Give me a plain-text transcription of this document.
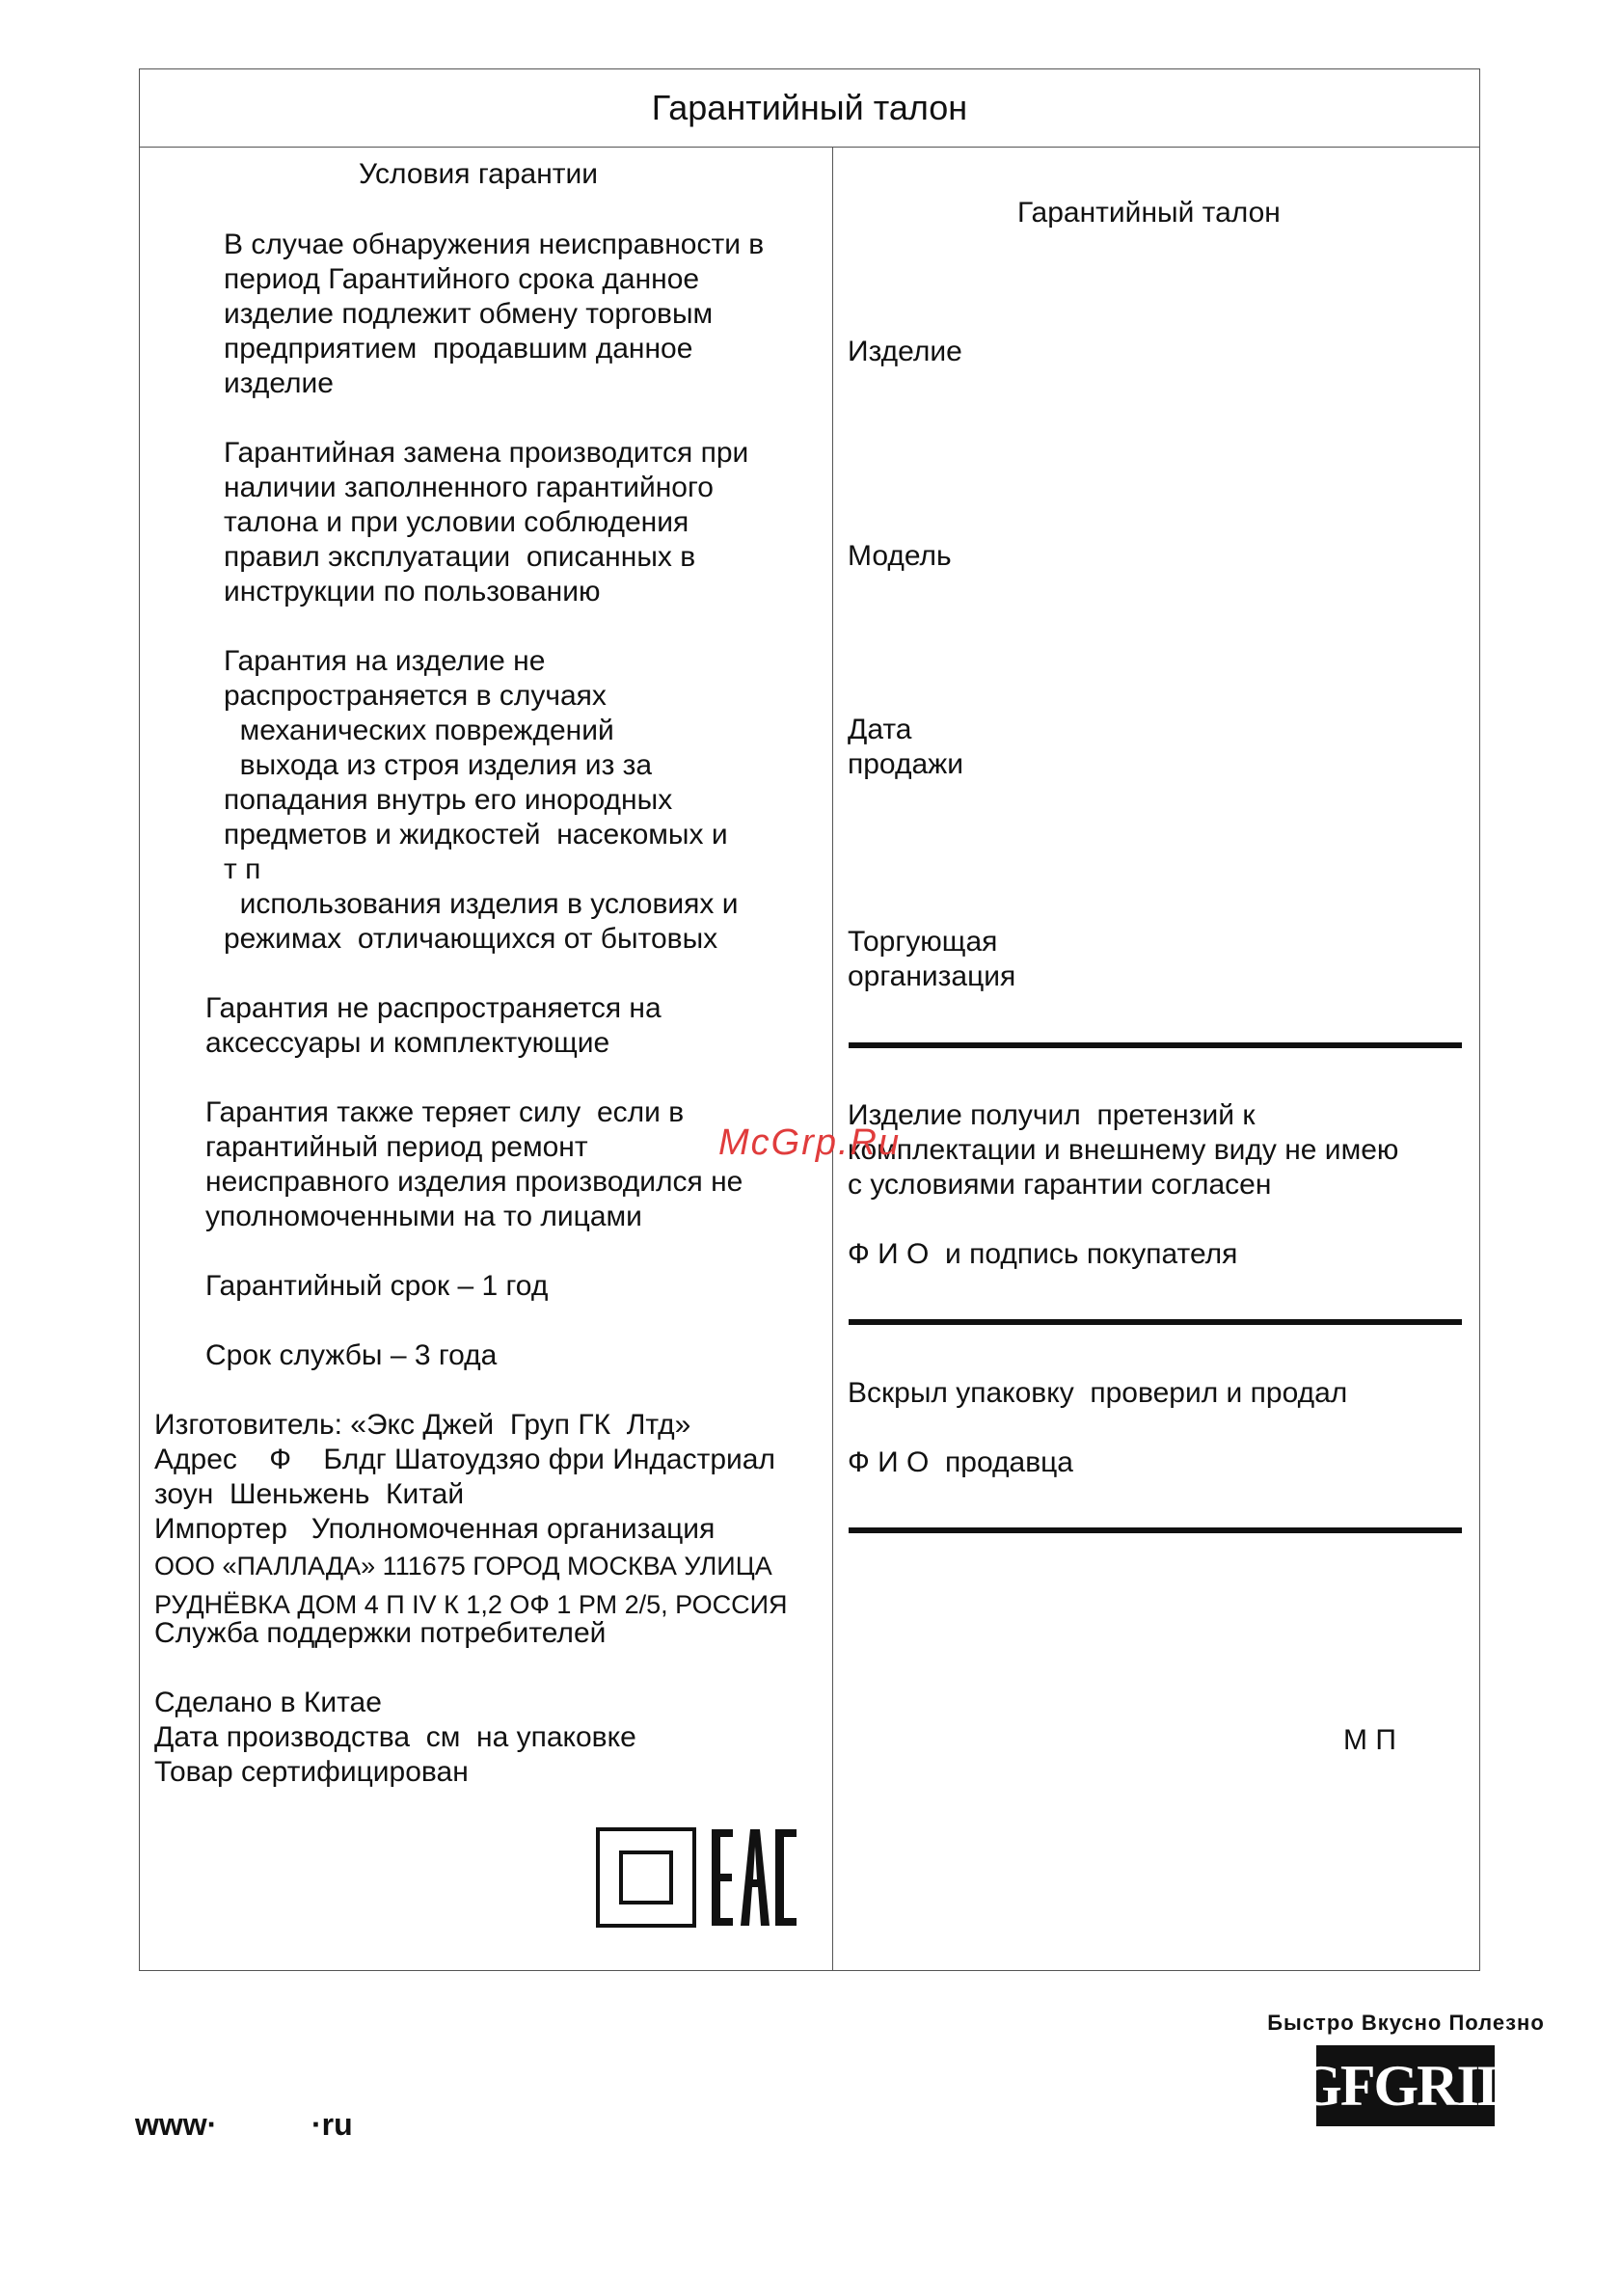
Гарантийный талон
Условия гарантии
В случае обнаружения неисправности в
период Гарантийного срока данное
изделие подлежит обмену торговым
предприятием  продавшим данное
изделие
Гарантийная замена производится при
наличии заполненного гарантийного
талона и при условии соблюдения
правил эксплуатации  описанных в
инструкции по пользованию
Гарантия на изделие не
распространяется в случаях
механических повреждений
выхода из строя изделия из за
попадания внутрь его инородных
предметов и жидкостей  насекомых и
т п
использования изделия в условиях и
режимах  отличающихся от бытовых
Гарантия не распространяется на
аксессуары и комплектующие
Гарантия также теряет силу  если в
гарантийный период ремонт
неисправного изделия производился не
уполномоченными на то лицами
Гарантийный срок – 1 год
Срок службы – 3 года
Изготовитель: «Экс Джей  Груп ГК  Лтд»
Адрес    Ф    Блдг Шатоудзяо фри Индастриал
зоун  Шеньжень  Китай
Импортер   Уполномоченная организация
ООО «ПАЛЛАДА» 111675 ГОРОД МОСКВА УЛИЦА
РУДНЁВКА ДОМ 4 П IV К 1,2 ОФ 1 РМ 2/5, РОССИЯ
Служба поддержки потребителей
Сделано в Китае
Дата производства  см  на упаковке
Товар сертифицирован
Гарантийный талон
Изделие
Модель
Дата
продажи
Торгующая
организация
Изделие получил  претензий к
комплектации и внешнему виду не имею
с условиями гарантии согласен
Ф И О  и подпись покупателя
Вскрыл упаковку  проверил и продал
Ф И О  продавца
М П
McGrp.Ru
Быстро Вкусно Полезно
GFGRIL
www·	·ru
